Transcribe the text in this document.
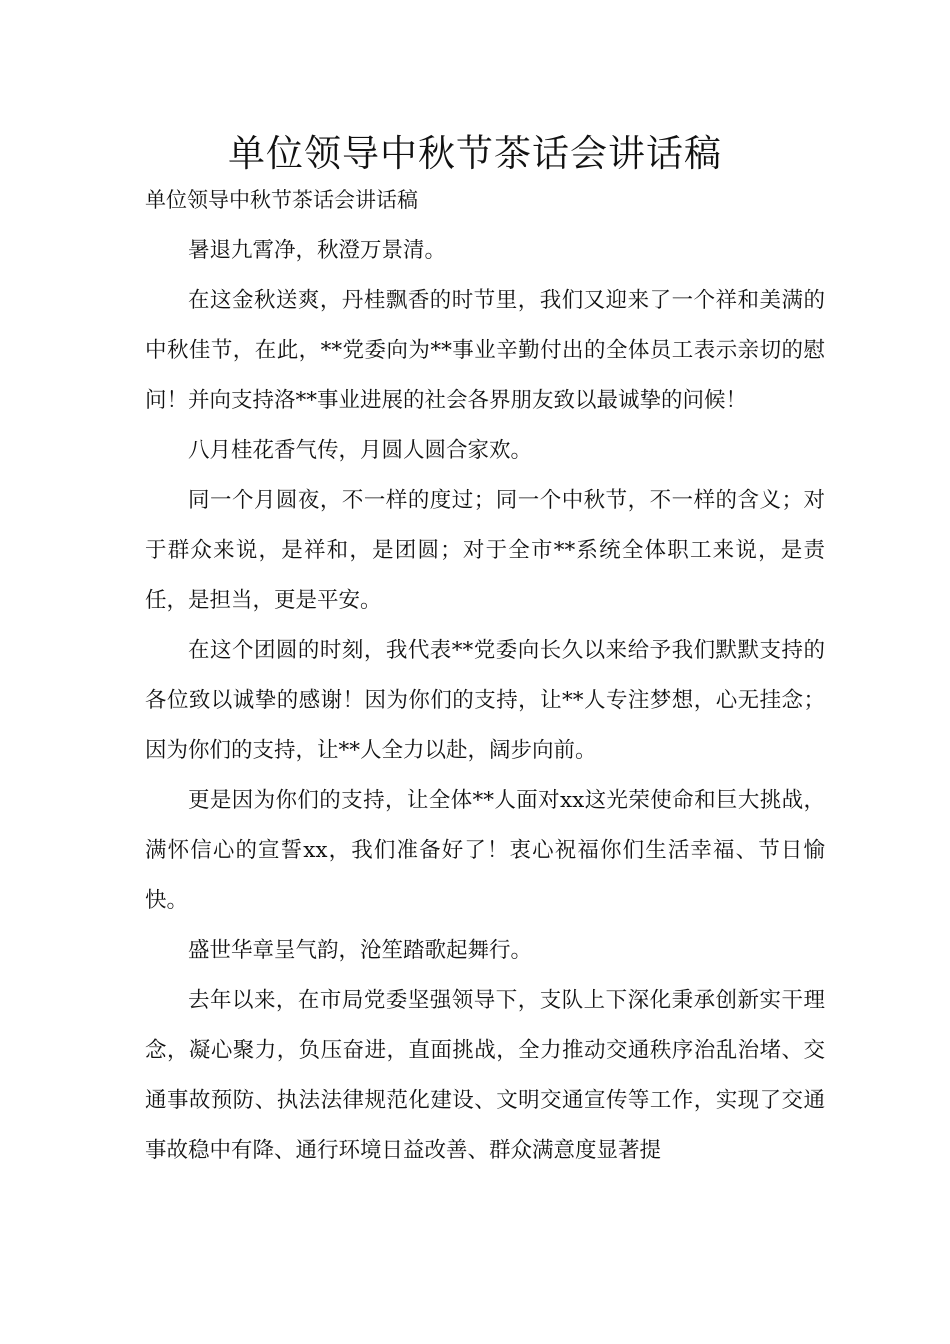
单位领导中秋节茶话会讲话稿

单位领导中秋节茶话会讲话稿

暑退九霄净，秋澄万景清。

在这金秋送爽，丹桂飘香的时节里，我们又迎来了一个祥和美满的中秋佳节，在此，**党委向为**事业辛勤付出的全体员工表示亲切的慰问！并向支持洛**事业进展的社会各界朋友致以最诚挚的问候！

八月桂花香气传，月圆人圆合家欢。

同一个月圆夜，不一样的度过；同一个中秋节，不一样的含义；对于群众来说，是祥和，是团圆；对于全市**系统全体职工来说，是责任，是担当，更是平安。

在这个团圆的时刻，我代表**党委向长久以来给予我们默默支持的各位致以诚挚的感谢！因为你们的支持，让**人专注梦想，心无挂念；因为你们的支持，让**人全力以赴，阔步向前。

更是因为你们的支持，让全体**人面对xx这光荣使命和巨大挑战，满怀信心的宣誓xx，我们准备好了！衷心祝福你们生活幸福、节日愉快。

盛世华章呈气韵，沧笙踏歌起舞行。

去年以来，在市局党委坚强领导下，支队上下深化秉承创新实干理念，凝心聚力，负压奋进，直面挑战，全力推动交通秩序治乱治堵、交通事故预防、执法法律规范化建设、文明交通宣传等工作，实现了交通事故稳中有降、通行环境日益改善、群众满意度显著提
